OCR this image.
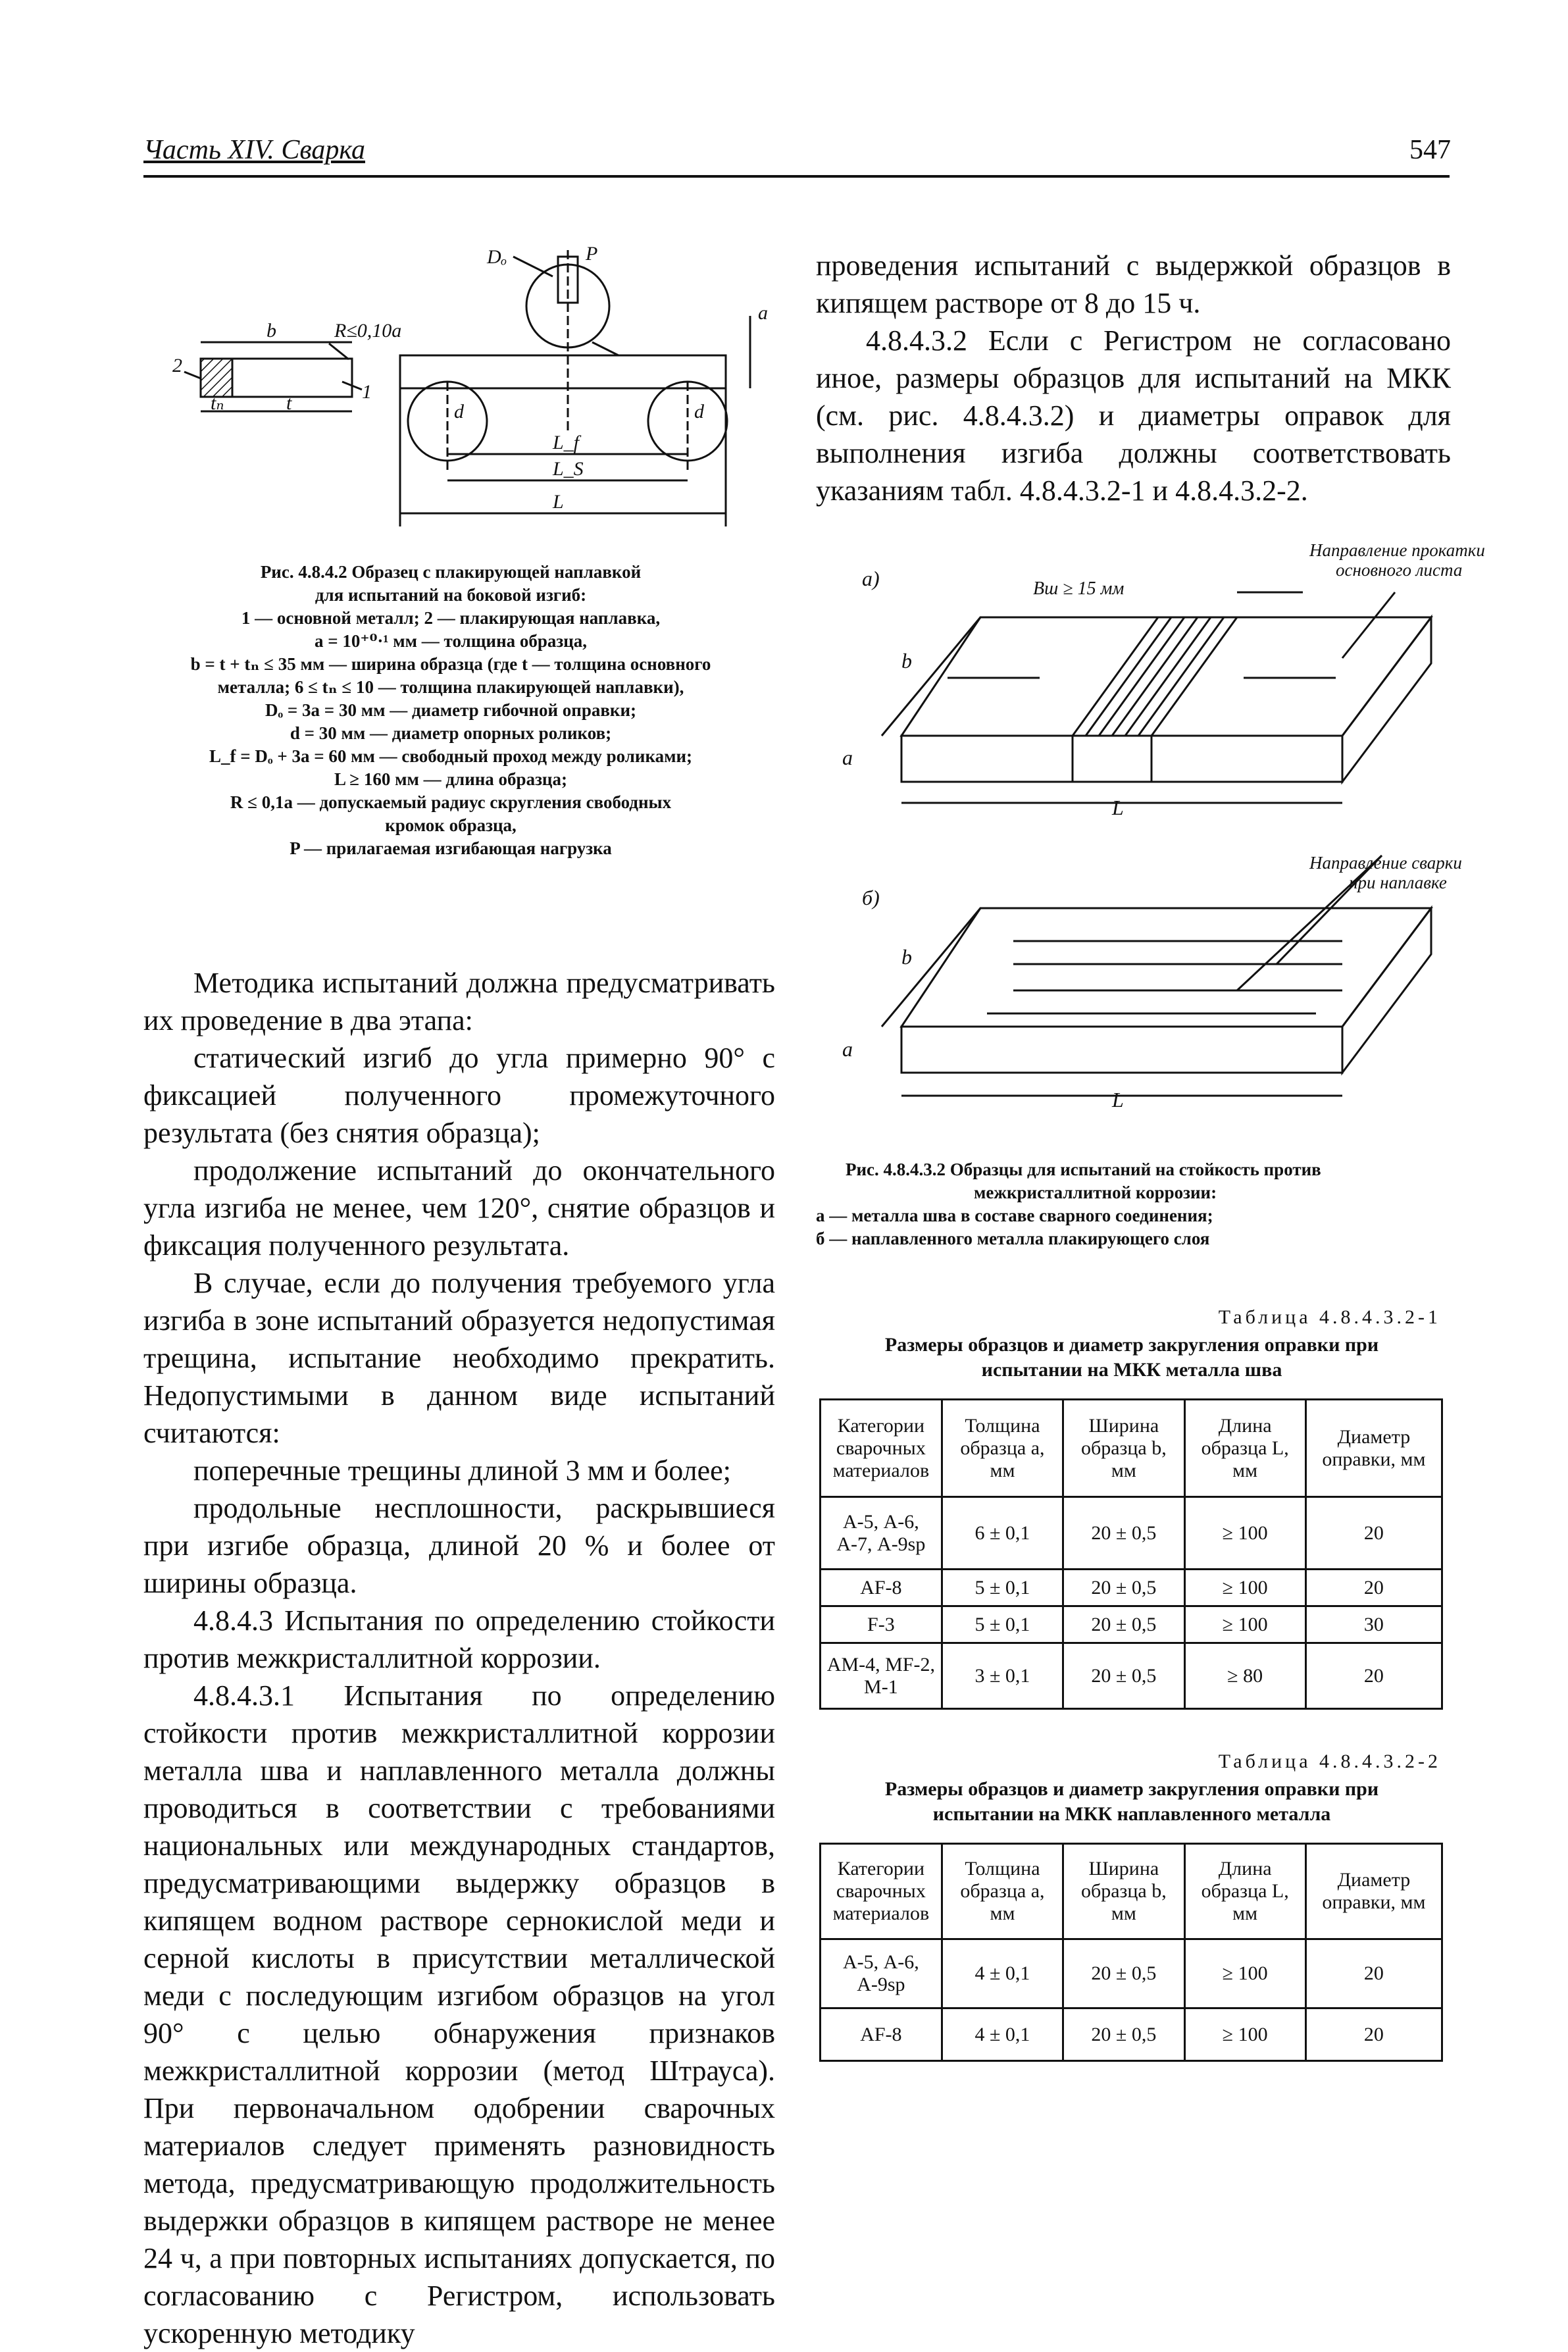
Часть XIV. Сварка	547
Dₒ	P
R≤0,10a
b
2
1
tₙ	t
a
d	d
L_f
L_S
L
Рис. 4.8.4.2 Образец с плакирующей наплавкой
для испытаний на боковой изгиб:
1 — основной металл; 2 — плакирующая наплавка,
a = 10⁺⁰·¹ мм — толщина образца,
b = t + tₙ ≤ 35 мм — ширина образца (где t — толщина основного
металла; 6 ≤ tₙ ≤ 10 — толщина плакирующей наплавки),
Dₒ = 3a = 30 мм — диаметр гибочной оправки;
d = 30 мм — диаметр опорных роликов;
L_f = Dₒ + 3a = 60 мм — свободный проход между роликами;
L ≥ 160 мм — длина образца;
R ≤ 0,1a — допускаемый радиус скругления свободных
кромок образца,
P — прилагаемая изгибающая нагрузка

Методика испытаний должна предусматривать их проведение в два этапа:

статический изгиб до угла примерно 90° с фиксацией полученного промежуточного результата (без снятия образца);

продолжение испытаний до окончательного угла изгиба не менее, чем 120°, снятие образцов и фиксация полученного результата.

В случае, если до получения требуемого угла изгиба в зоне испытаний образуется недопустимая трещина, испытание необходимо прекратить. Недопустимыми в данном виде испытаний считаются:

поперечные трещины длиной 3 мм и более;

продольные несплошности, раскрывшиеся при изгибе образца, длиной 20 % и более от ширины образца.

4.8.4.3 Испытания по определению стойкости против межкристаллитной коррозии.

4.8.4.3.1 Испытания по определению стойкости против межкристаллитной коррозии металла шва и наплавленного металла должны проводиться в соответствии с требованиями национальных или международных стандартов, предусматривающими выдержку образцов в кипящем водном растворе сернокислой меди и серной кислоты в присутствии металлической меди с последующим изгибом образцов на угол 90° с целью обнаружения признаков межкристаллитной коррозии (метод Штрауса). При первоначальном одобрении сварочных материалов следует применять разновидность метода, предусматривающую продолжительность выдержки образцов в кипящем растворе не менее 24 ч, а при повторных испытаниях допускается, по согласованию с Регистром, использовать ускоренную методику

проведения испытаний с выдержкой образцов в кипящем растворе от 8 до 15 ч.

4.8.4.3.2 Если с Регистром не согласовано иное, размеры образцов для испытаний на МКК (см. рис. 4.8.4.3.2) и диаметры оправок для выполнения изгиба должны соответствовать указаниям табл. 4.8.4.3.2-1 и 4.8.4.3.2-2.

а)
б)
Направление прокатки
основного листа
Bш ≥ 15 мм
Направление сварки
при наплавке
b
a
L
b
a
L
Рис. 4.8.4.3.2 Образцы для испытаний на стойкость против
межкристаллитной коррозии:
а — металла шва в составе сварного соединения;
б — наплавленного металла плакирующего слоя
Таблица 4.8.4.3.2-1
Размеры образцов и диаметр закругления оправки при
испытании на МКК металла шва
Категории сварочных материалов	Толщина образца a, мм	Ширина образца b, мм	Длина образца L, мм	Диаметр оправки, мм
А-5, А-6, А-7, А-9sp	6 ± 0,1	20 ± 0,5	≥ 100	20
AF-8	5 ± 0,1	20 ± 0,5	≥ 100	20
F-3	5 ± 0,1	20 ± 0,5	≥ 100	30
АМ-4, МF-2, М-1	3 ± 0,1	20 ± 0,5	≥ 80	20
Таблица 4.8.4.3.2-2
Размеры образцов и диаметр закругления оправки при
испытании на МКК наплавленного металла
Категории сварочных материалов	Толщина образца a, мм	Ширина образца b, мм	Длина образца L, мм	Диаметр оправки, мм
А-5, А-6, А-9sp	4 ± 0,1	20 ± 0,5	≥ 100	20
AF-8	4 ± 0,1	20 ± 0,5	≥ 100	20
